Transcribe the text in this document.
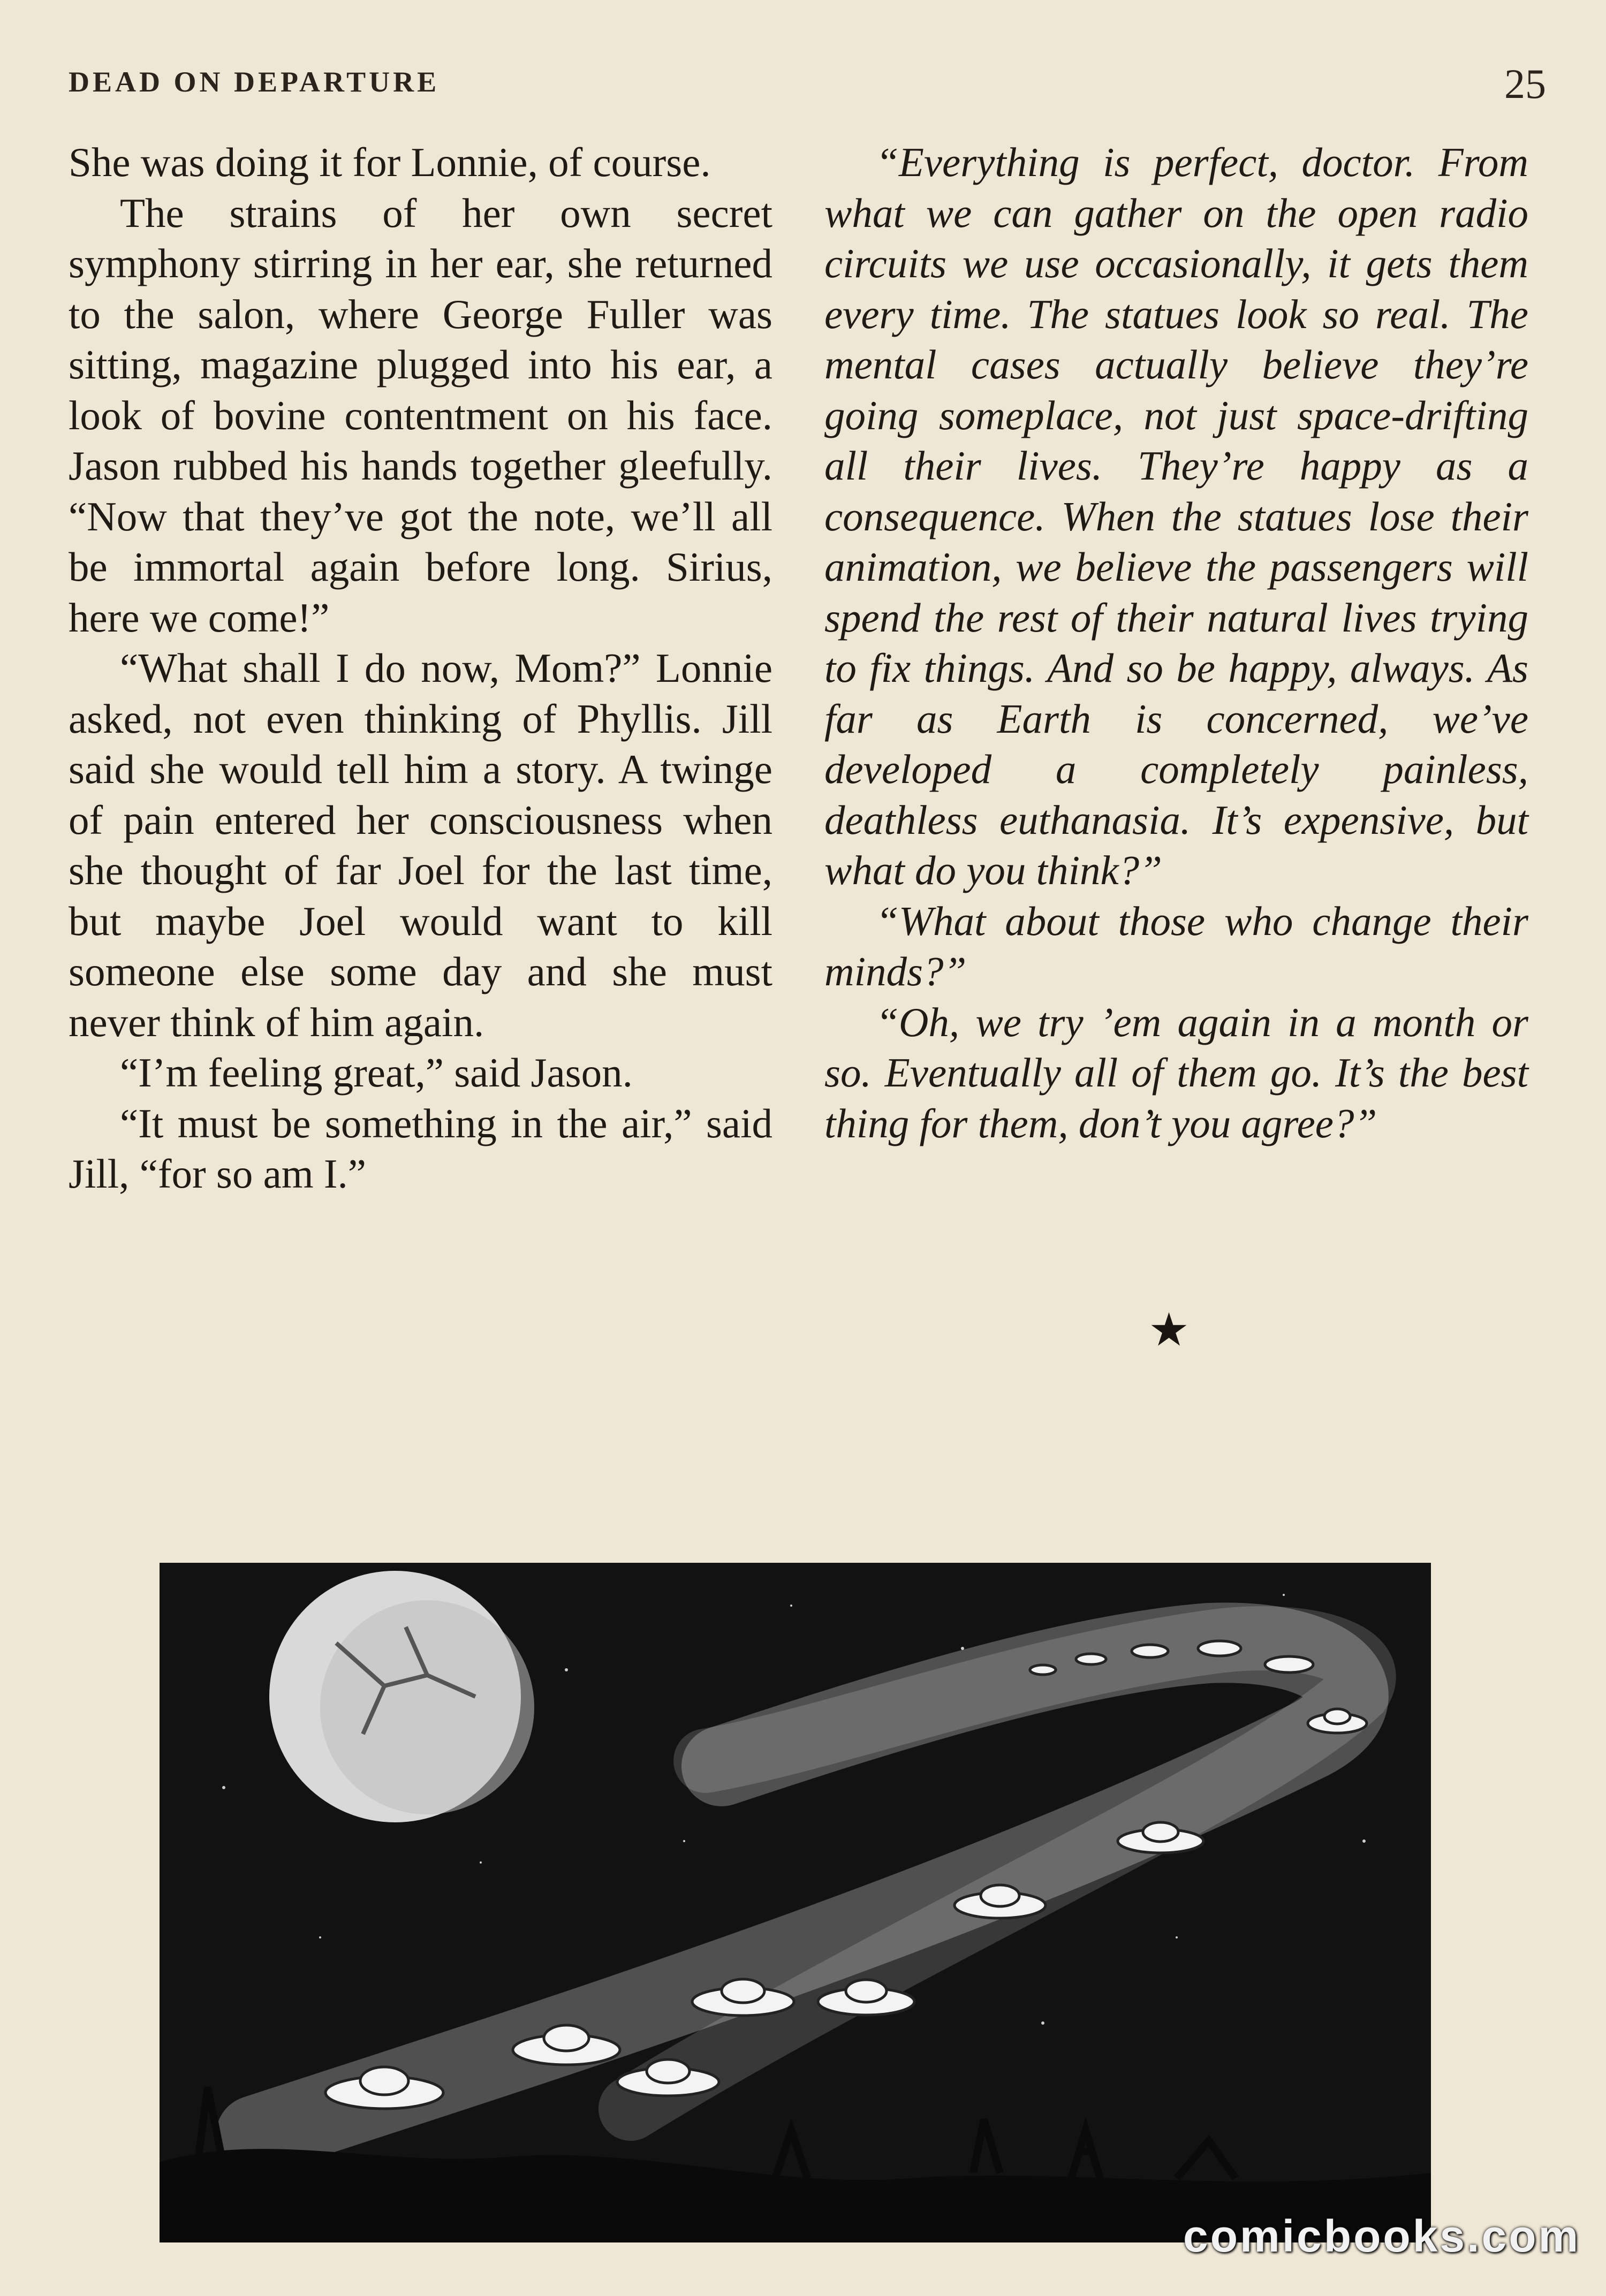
DEAD ON DEPARTURE	25

She was doing it for Lonnie, of course.

The strains of her own secret symphony stirring in her ear, she returned to the salon, where George Fuller was sitting, magazine plugged into his ear, a look of bovine contentment on his face. Jason rubbed his hands together gleefully. “Now that they’ve got the note, we’ll all be immortal again before long. Sirius, here we come!”

“What shall I do now, Mom?” Lonnie asked, not even thinking of Phyllis. Jill said she would tell him a story. A twinge of pain entered her consciousness when she thought of far Joel for the last time, but maybe Joel would want to kill someone else some day and she must never think of him again.

“I’m feeling great,” said Jason.

“It must be something in the air,” said Jill, “for so am I.”

“Everything is perfect, doctor. From what we can gather on the open radio circuits we use occasionally, it gets them every time. The statues look so real. The mental cases actually believe they’re going someplace, not just space-drifting all their lives. They’re happy as a consequence. When the statues lose their animation, we believe the passengers will spend the rest of their natural lives trying to fix things. And so be happy, always. As far as Earth is concerned, we’ve developed a completely painless, deathless euthanasia. It’s expensive, but what do you think?”

“What about those who change their minds?”

“Oh, we try ’em again in a month or so. Eventually all of them go. It’s the best thing for them, don’t you agree?”

★
comicbooks.com
